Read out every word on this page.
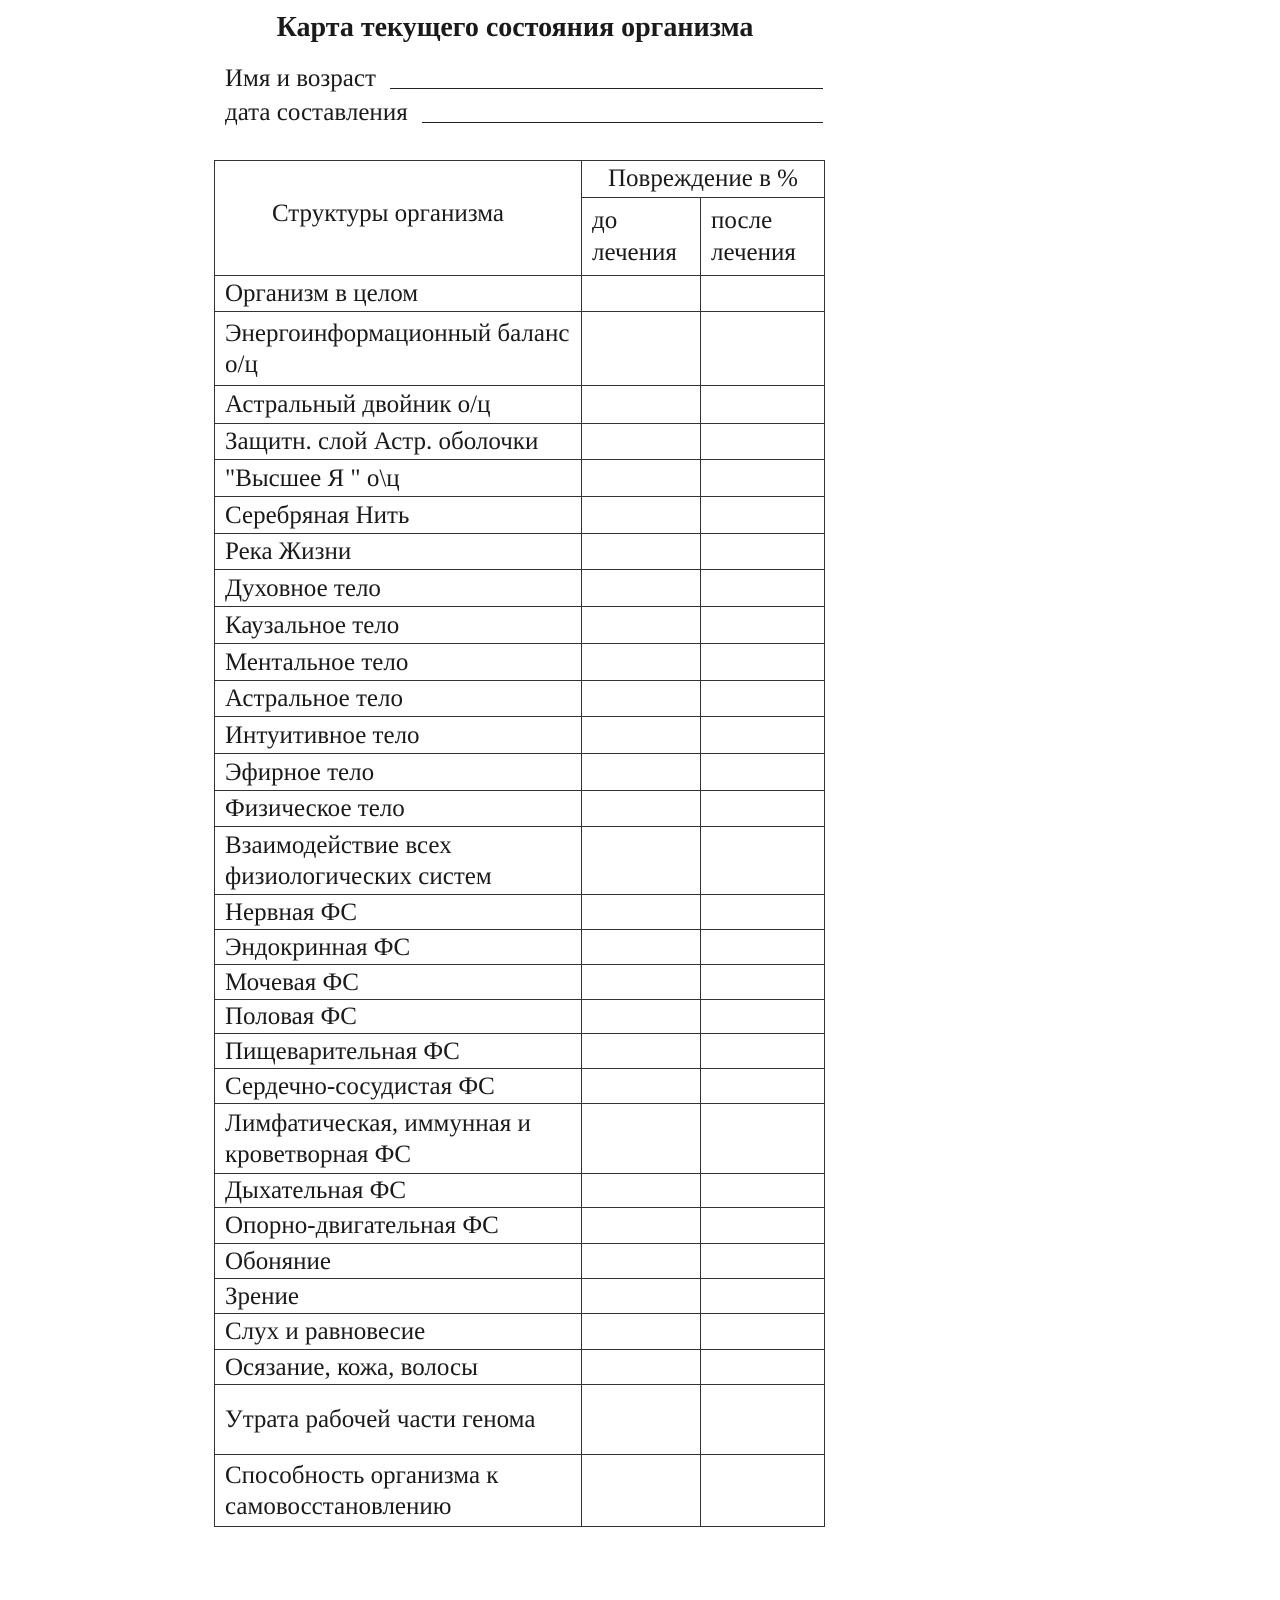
Карта текущего состояния организма
Имя и возраст
дата составления
Структуры организма	Повреждение в %	
	до лечения	после лечения
Организм в целом		
Энергоинформационный баланс о/ц		
Астральный двойник о/ц		
Защитн. слой Астр. оболочки		
"Высшее Я " о\ц		
Серебряная Нить		
Река Жизни		
Духовное тело		
Каузальное тело		
Ментальное тело		
Астральное тело		
Интуитивное тело		
Эфирное тело		
Физическое тело		
Взаимодействие всех физиологических систем		
Нервная ФС		
Эндокринная ФС		
Мочевая ФС		
Половая ФС		
Пищеварительная ФС		
Сердечно-сосудистая ФС		
Лимфатическая, иммунная и кроветворная ФС		
Дыхательная ФС		
Опорно-двигательная ФС		
Обоняние		
Зрение		
Слух и равновесие		
Осязание, кожа, волосы		
Утрата рабочей части генома		
Способность организма к самовосстановлению		
